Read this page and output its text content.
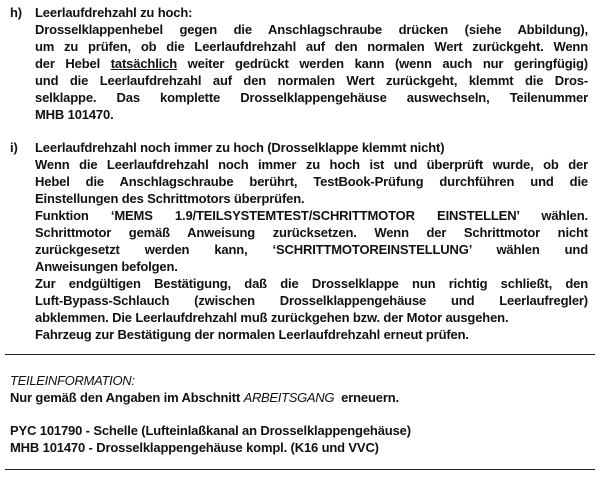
h) Leerlaufdrehzahl zu hoch:
Drosselklappenhebel gegen die Anschlagschraube drücken (siehe Abbildung),
um zu prüfen, ob die Leerlaufdrehzahl auf den normalen Wert zurückgeht. Wenn
der Hebel tatsächlich weiter gedrückt werden kann (wenn auch nur geringfügig)
und die Leerlaufdrehzahl auf den normalen Wert zurückgeht, klemmt die Dros-
selklappe. Das komplette Drosselklappengehäuse auswechseln, Teilenummer
MHB 101470.
i) Leerlaufdrehzahl noch immer zu hoch (Drosselklappe klemmt nicht)
Wenn die Leerlaufdrehzahl noch immer zu hoch ist und überprüft wurde, ob der
Hebel die Anschlagschraube berührt, TestBook-Prüfung durchführen und die
Einstellungen des Schrittmotors überprüfen.
Funktion ‘MEMS 1.9/TEILSYSTEMTEST/SCHRITTMOTOR EINSTELLEN’ wählen.
Schrittmotor gemäß Anweisung zurücksetzen. Wenn der Schrittmotor nicht
zurückgesetzt werden kann, ‘SCHRITTMOTOREINSTELLUNG’ wählen und
Anweisungen befolgen.
Zur endgültigen Bestätigung, daß die Drosselklappe nun richtig schließt, den
Luft-Bypass-Schlauch (zwischen Drosselklappengehäuse und Leerlaufregler)
abklemmen. Die Leerlaufdrehzahl muß zurückgehen bzw. der Motor ausgehen.
Fahrzeug zur Bestätigung der normalen Leerlaufdrehzahl erneut prüfen.
TEILEINFORMATION:
Nur gemäß den Angaben im Abschnitt ARBEITSGANG  erneuern.
PYC 101790 - Schelle (Lufteinlaßkanal an Drosselklappengehäuse)
MHB 101470 - Drosselklappengehäuse kompl. (K16 und VVC)
